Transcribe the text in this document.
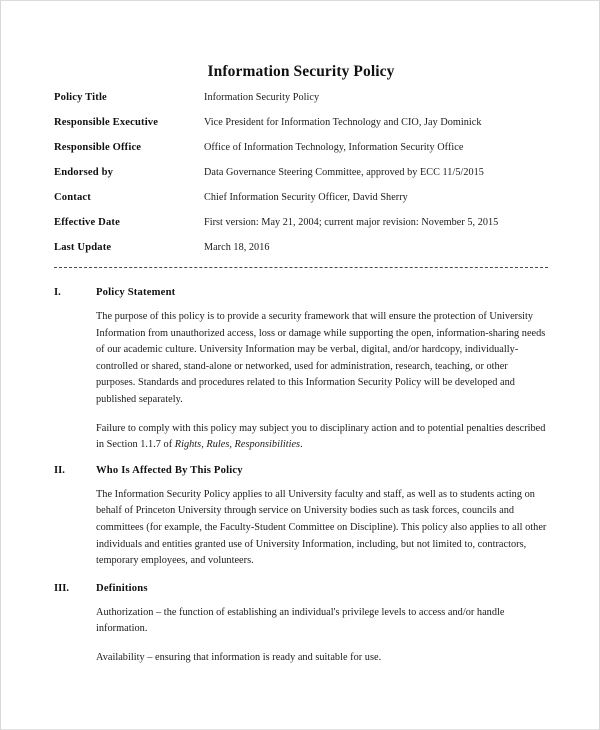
Information Security Policy
Policy Title	Information Security Policy
Responsible Executive	Vice President for Information Technology and CIO, Jay Dominick
Responsible Office	Office of Information Technology, Information Security Office
Endorsed by	Data Governance Steering Committee, approved by ECC 11/5/2015
Contact	Chief Information Security Officer, David Sherry
Effective Date	First version: May 21, 2004; current major revision: November 5, 2015
Last Update	March 18, 2016
I.	Policy Statement

The purpose of this policy is to provide a security framework that will ensure the protection of University Information from unauthorized access, loss or damage while supporting the open, information-sharing needs of our academic culture. University Information may be verbal, digital, and/or hardcopy, individually-controlled or shared, stand-alone or networked, used for administration, research, teaching, or other purposes. Standards and procedures related to this Information Security Policy will be developed and published separately.

Failure to comply with this policy may subject you to disciplinary action and to potential penalties described in Section 1.1.7 of Rights, Rules, Responsibilities.

II.	Who Is Affected By This Policy

The Information Security Policy applies to all University faculty and staff, as well as to students acting on behalf of Princeton University through service on University bodies such as task forces, councils and committees (for example, the Faculty-Student Committee on Discipline). This policy also applies to all other individuals and entities granted use of University Information, including, but not limited to, contractors, temporary employees, and volunteers.

III.	Definitions

Authorization – the function of establishing an individual's privilege levels to access and/or handle information.

Availability – ensuring that information is ready and suitable for use.
